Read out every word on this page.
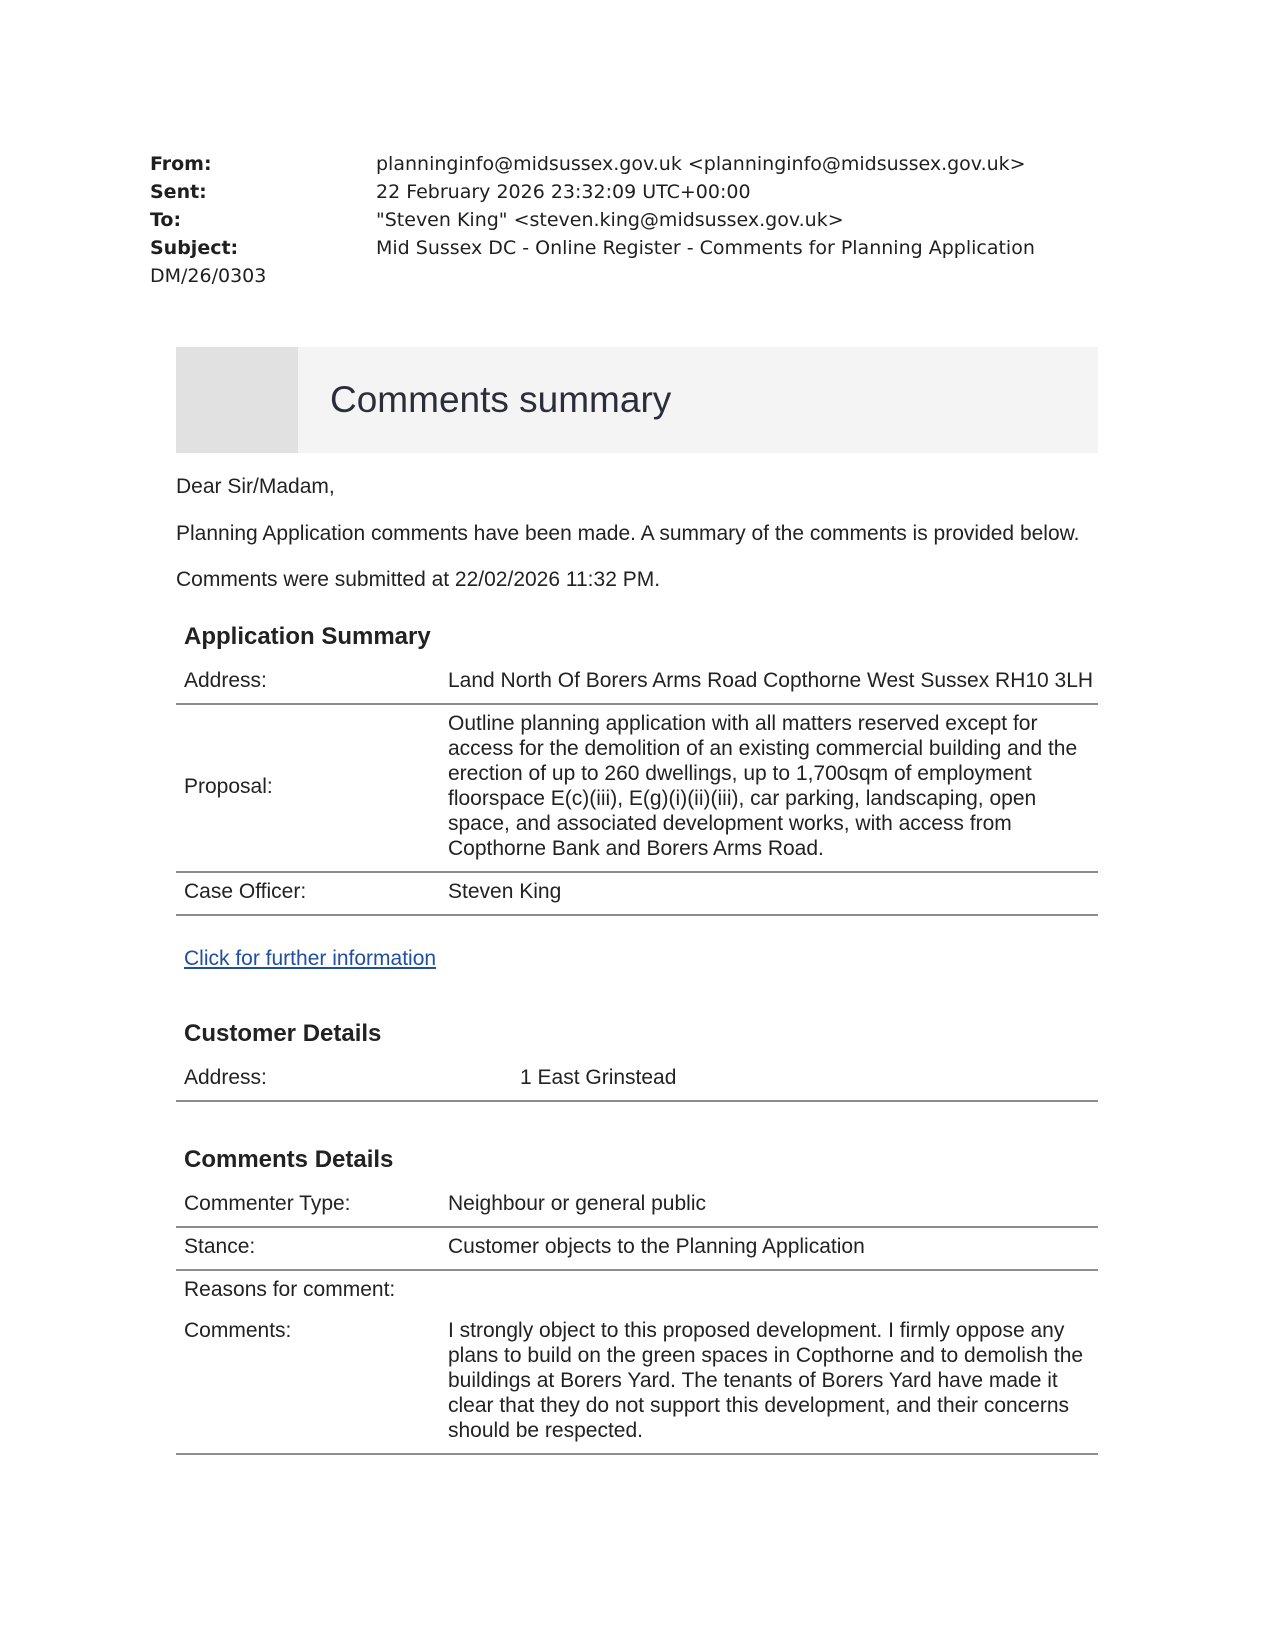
From:	planninginfo@midsussex.gov.uk <planninginfo@midsussex.gov.uk>
Sent:	22 February 2026 23:32:09 UTC+00:00
To:	"Steven King" <steven.king@midsussex.gov.uk>
Subject:	Mid Sussex DC - Online Register - Comments for Planning Application
DM/26/0303
Comments summary

Dear Sir/Madam,

Planning Application comments have been made. A summary of the comments is provided below.

Comments were submitted at 22/02/2026 11:32 PM.

Application Summary
Address:	Land North Of Borers Arms Road Copthorne West Sussex RH10 3LH
Proposal:
Outline planning application with all matters reserved except for access for the demolition of an existing commercial building and the erection of up to 260 dwellings, up to 1,700sqm of employment floorspace E(c)(iii), E(g)(i)(ii)(iii), car parking, landscaping, open space, and associated development works, with access from Copthorne Bank and Borers Arms Road.
Case Officer:	Steven King
Click for further information
Customer Details
Address:	1 East Grinstead
Comments Details
Commenter Type:	Neighbour or general public
Stance:	Customer objects to the Planning Application
Reasons for comment:
Comments:	I strongly object to this proposed development. I firmly oppose any plans to build on the green spaces in Copthorne and to demolish the buildings at Borers Yard. The tenants of Borers Yard have made it clear that they do not support this development, and their concerns should be respected.
